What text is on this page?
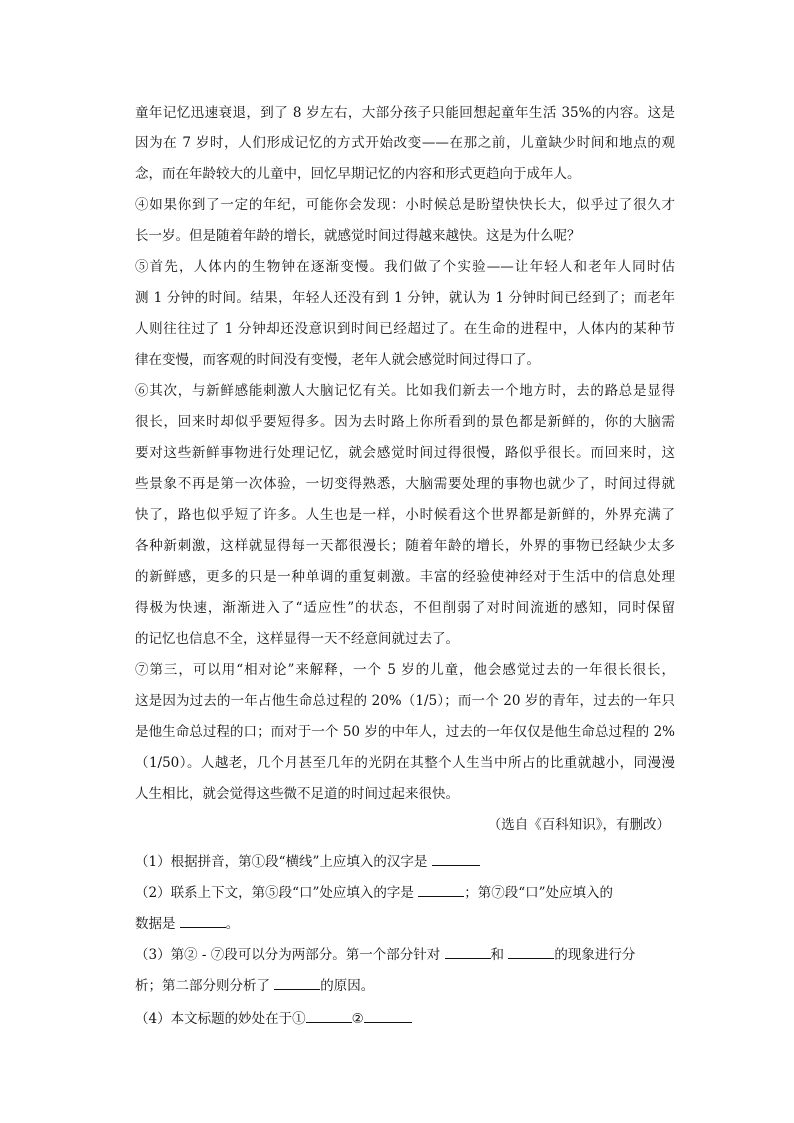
童年记忆迅速衰退，到了 8 岁左右，大部分孩子只能回想起童年生活 35%的内容。这是
因为在 7 岁时，人们形成记忆的方式开始改变——在那之前，儿童缺少时间和地点的观
念，而在年龄较大的儿童中，回忆早期记忆的内容和形式更趋向于成年人。
④如果你到了一定的年纪，可能你会发现：小时候总是盼望快快长大，似乎过了很久才
长一岁。但是随着年龄的增长，就感觉时间过得越来越快。这是为什么呢？
⑤首先，人体内的生物钟在逐渐变慢。我们做了个实验——让年轻人和老年人同时估
测 1 分钟的时间。结果，年轻人还没有到 1 分钟，就认为 1 分钟时间已经到了；而老年
人则往往过了 1 分钟却还没意识到时间已经超过了。在生命的进程中，人体内的某种节
律在变慢，而客观的时间没有变慢，老年人就会感觉时间过得口了。
⑥其次，与新鲜感能刺激人大脑记忆有关。比如我们新去一个地方时，去的路总是显得
很长，回来时却似乎要短得多。因为去时路上你所看到的景色都是新鲜的，你的大脑需
要对这些新鲜事物进行处理记忆，就会感觉时间过得很慢，路似乎很长。而回来时，这
些景象不再是第一次体验，一切变得熟悉，大脑需要处理的事物也就少了，时间过得就
快了，路也似乎短了许多。人生也是一样，小时候看这个世界都是新鲜的，外界充满了
各种新刺激，这样就显得每一天都很漫长；随着年龄的增长，外界的事物已经缺少太多
的新鲜感，更多的只是一种单调的重复刺激。丰富的经验使神经对于生活中的信息处理
得极为快速，渐渐进入了“适应性”的状态，不但削弱了对时间流逝的感知，同时保留
的记忆也信息不全，这样显得一天不经意间就过去了。
⑦第三，可以用“相对论”来解释，一个 5 岁的儿童，他会感觉过去的一年很长很长，
这是因为过去的一年占他生命总过程的 20%（1/5）；而一个 20 岁的青年，过去的一年只
是他生命总过程的口；而对于一个 50 岁的中年人，过去的一年仅仅是他生命总过程的 2%
（1/50）。人越老，几个月甚至几年的光阴在其整个人生当中所占的比重就越小，同漫漫
人生相比，就会觉得这些微不足道的时间过起来很快。
（选自《百科知识》，有删改）
（1）根据拼音，第①段“横线”上应填入的汉字是
（2）联系上下文，第⑤段“口”处应填入的字是	；第⑦段“口”处应填入的
数据是	。
（3）第② - ⑦段可以分为两部分。第一个部分针对	和	的现象进行分
析；第二部分则分析了	的原因。
（4）本文标题的妙处在于①	②
